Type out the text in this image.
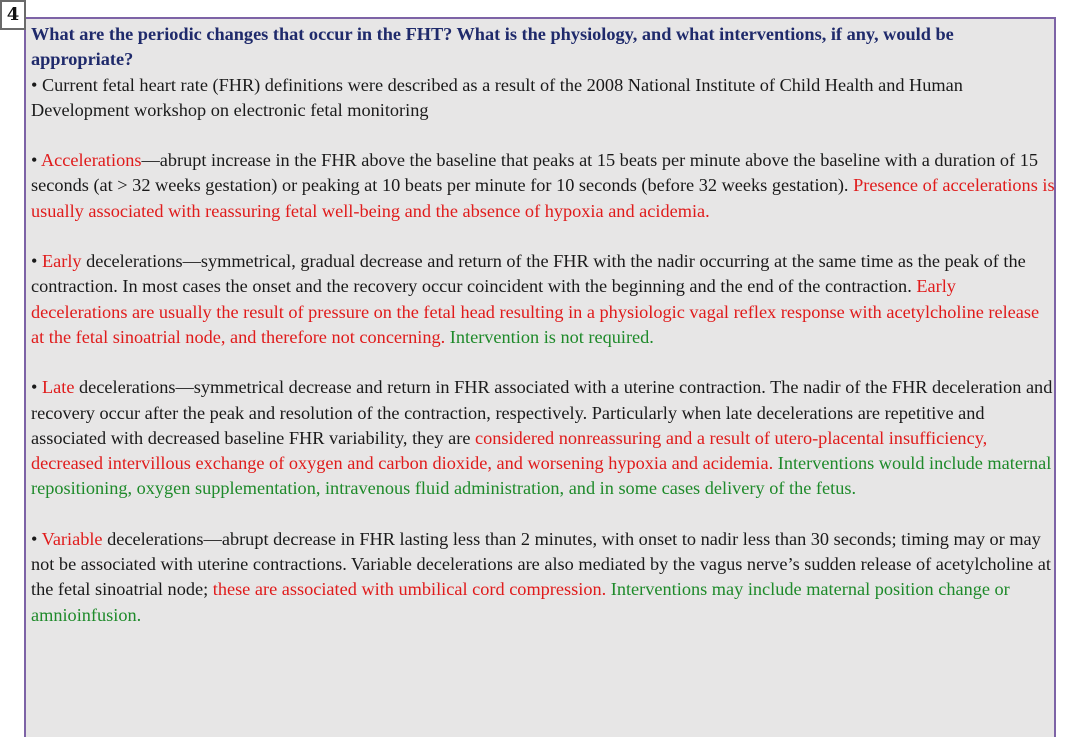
4

What are the periodic changes that occur in the FHT? What is the physiology, and what interventions, if any, would be appropriate?

• Current fetal heart rate (FHR) definitions were described as a result of the 2008 National Institute of Child Health and Human Development workshop on electronic fetal monitoring

• Accelerations—abrupt increase in the FHR above the baseline that peaks at 15 beats per minute above the baseline with a duration of 15 seconds (at > 32 weeks gestation) or peaking at 10 beats per minute for 10 seconds (before 32 weeks gestation). Presence of accelerations is usually associated with reassuring fetal well-being and the absence of hypoxia and acidemia.

• Early decelerations—symmetrical, gradual decrease and return of the FHR with the nadir occurring at the same time as the peak of the contraction. In most cases the onset and the recovery occur coincident with the beginning and the end of the contraction. Early decelerations are usually the result of pressure on the fetal head resulting in a physiologic vagal reflex response with acetylcholine release at the fetal sinoatrial node, and therefore not concerning. Intervention is not required.

• Late decelerations—symmetrical decrease and return in FHR associated with a uterine contraction. The nadir of the FHR deceleration and recovery occur after the peak and resolution of the contraction, respectively. Particularly when late decelerations are repetitive and associated with decreased baseline FHR variability, they are considered nonreassuring and a result of utero-placental insufficiency, decreased intervillous exchange of oxygen and carbon dioxide, and worsening hypoxia and acidemia. Interventions would include maternal repositioning, oxygen supplementation, intravenous fluid administration, and in some cases delivery of the fetus.

• Variable decelerations—abrupt decrease in FHR lasting less than 2 minutes, with onset to nadir less than 30 seconds; timing may or may not be associated with uterine contractions. Variable decelerations are also mediated by the vagus nerve’s sudden release of acetylcholine at the fetal sinoatrial node; these are associated with umbilical cord compression. Interventions may include maternal position change or amnioinfusion.
